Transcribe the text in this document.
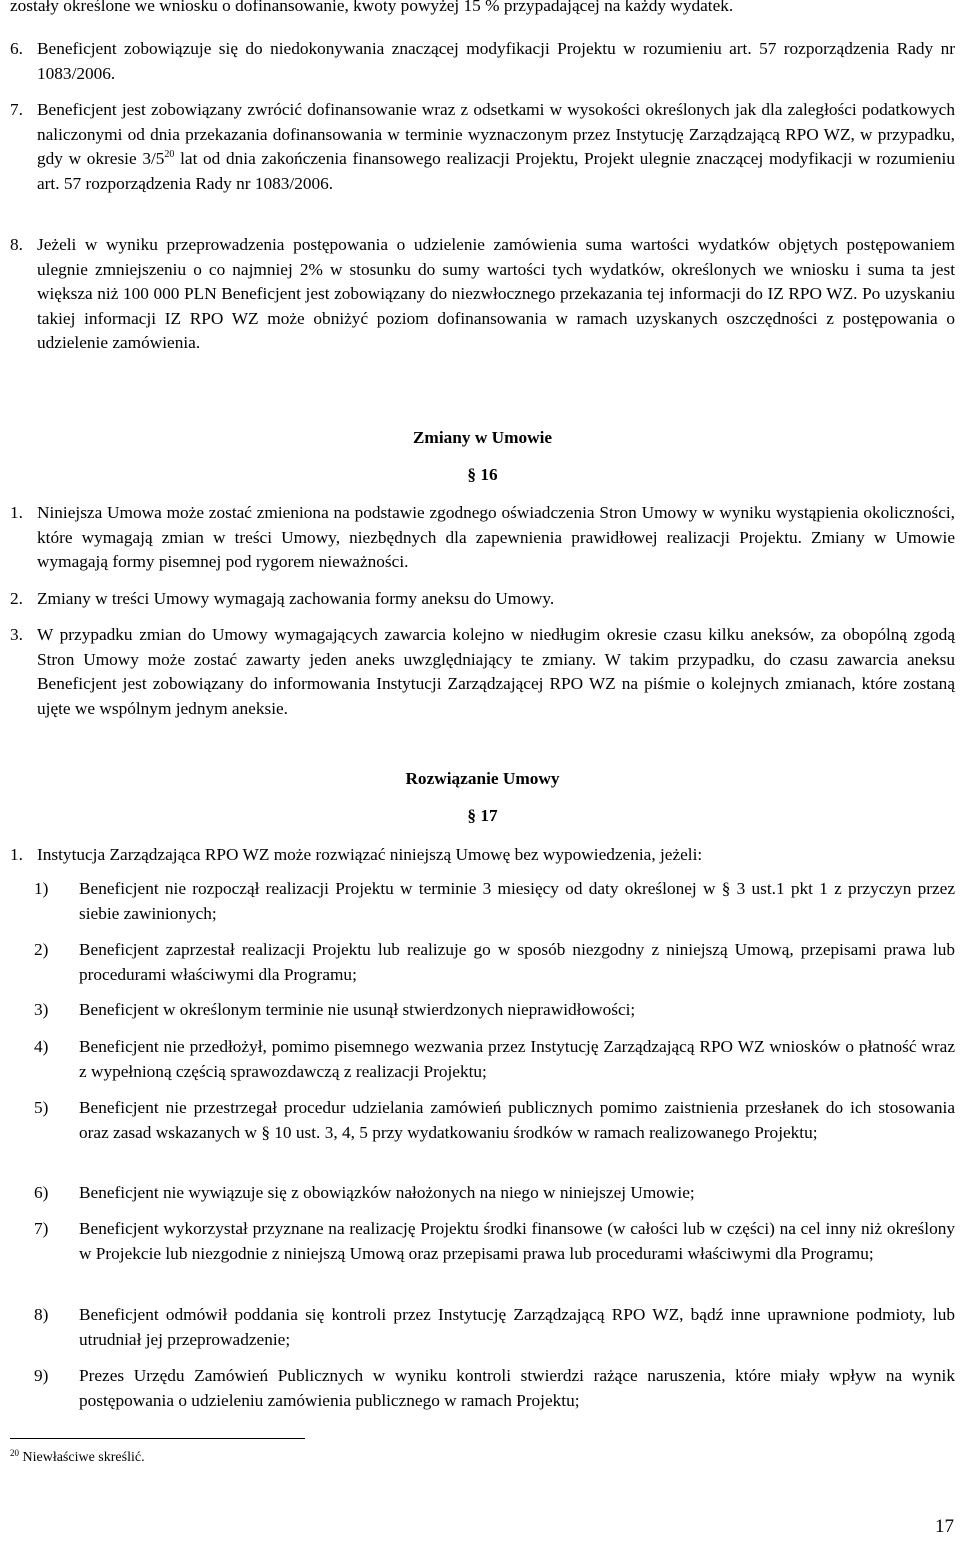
zostały określone we wniosku o dofinansowanie, kwoty powyżej 15 % przypadającej na każdy wydatek.

6. Beneficjent zobowiązuje się do niedokonywania znaczącej modyfikacji Projektu w rozumieniu art. 57 rozporządzenia Rady nr 1083/2006.

7. Beneficjent jest zobowiązany zwrócić dofinansowanie wraz z odsetkami w wysokości określonych jak dla zaległości podatkowych naliczonymi od dnia przekazania dofinansowania w terminie wyznaczonym przez Instytucję Zarządzającą RPO WZ, w przypadku, gdy w okresie $3/5^{20}$ lat od dnia zakończenia finansowego realizacji Projektu, Projekt ulegnie znaczącej modyfikacji w rozumieniu art. 57 rozporządzenia Rady nr 1083/2006.

8. Jeżeli w wyniku przeprowadzenia postępowania o udzielenie zamówienia suma wartości wydatków objętych postępowaniem ulegnie zmniejszeniu o co najmniej 2% w stosunku do sumy wartości tych wydatków, określonych we wniosku i suma ta jest większa niż 100 000 PLN Beneficjent jest zobowiązany do niezwłocznego przekazania tej informacji do IZ RPO WZ. Po uzyskaniu takiej informacji IZ RPO WZ może obniżyć poziom dofinansowania w ramach uzyskanych oszczędności z postępowania o udzielenie zamówienia.

Zmiany w Umowie
§ 16

1. Niniejsza Umowa może zostać zmieniona na podstawie zgodnego oświadczenia Stron Umowy w wyniku wystąpienia okoliczności, które wymagają zmian w treści Umowy, niezbędnych dla zapewnienia prawidłowej realizacji Projektu. Zmiany w Umowie wymagają formy pisemnej pod rygorem nieważności.

2. Zmiany w treści Umowy wymagają zachowania formy aneksu do Umowy.

3. W przypadku zmian do Umowy wymagających zawarcia kolejno w niedługim okresie czasu kilku aneksów, za obopólną zgodą Stron Umowy może zostać zawarty jeden aneks uwzględniający te zmiany. W takim przypadku, do czasu zawarcia aneksu Beneficjent jest zobowiązany do informowania Instytucji Zarządzającej RPO WZ na piśmie o kolejnych zmianach, które zostaną ujęte we wspólnym jednym aneksie.

Rozwiązanie Umowy
§ 17

1. Instytucja Zarządzająca RPO WZ może rozwiązać niniejszą Umowę bez wypowiedzenia, jeżeli:

1) Beneficjent nie rozpoczął realizacji Projektu w terminie 3 miesięcy od daty określonej w § 3 ust.1 pkt 1 z przyczyn przez siebie zawinionych;

2) Beneficjent zaprzestał realizacji Projektu lub realizuje go w sposób niezgodny z niniejszą Umową, przepisami prawa lub procedurami właściwymi dla Programu;

3) Beneficjent w określonym terminie nie usunął stwierdzonych nieprawidłowości;

4) Beneficjent nie przedłożył, pomimo pisemnego wezwania przez Instytucję Zarządzającą RPO WZ wniosków o płatność wraz z wypełnioną częścią sprawozdawczą z realizacji Projektu;

5) Beneficjent nie przestrzegał procedur udzielania zamówień publicznych pomimo zaistnienia przesłanek do ich stosowania oraz zasad wskazanych w § 10 ust. 3, 4, 5 przy wydatkowaniu środków w ramach realizowanego Projektu;

6) Beneficjent nie wywiązuje się z obowiązków nałożonych na niego w niniejszej Umowie;

7) Beneficjent wykorzystał przyznane na realizację Projektu środki finansowe (w całości lub w części) na cel inny niż określony w Projekcie lub niezgodnie z niniejszą Umową oraz przepisami prawa lub procedurami właściwymi dla Programu;

8) Beneficjent odmówił poddania się kontroli przez Instytucję Zarządzającą RPO WZ, bądź inne uprawnione podmioty, lub utrudniał jej przeprowadzenie;

9) Prezes Urzędu Zamówień Publicznych w wyniku kontroli stwierdzi rażące naruszenia, które miały wpływ na wynik postępowania o udzieleniu zamówienia publicznego w ramach Projektu;

$^{20}$ Niewłaściwe skreślić.
17
